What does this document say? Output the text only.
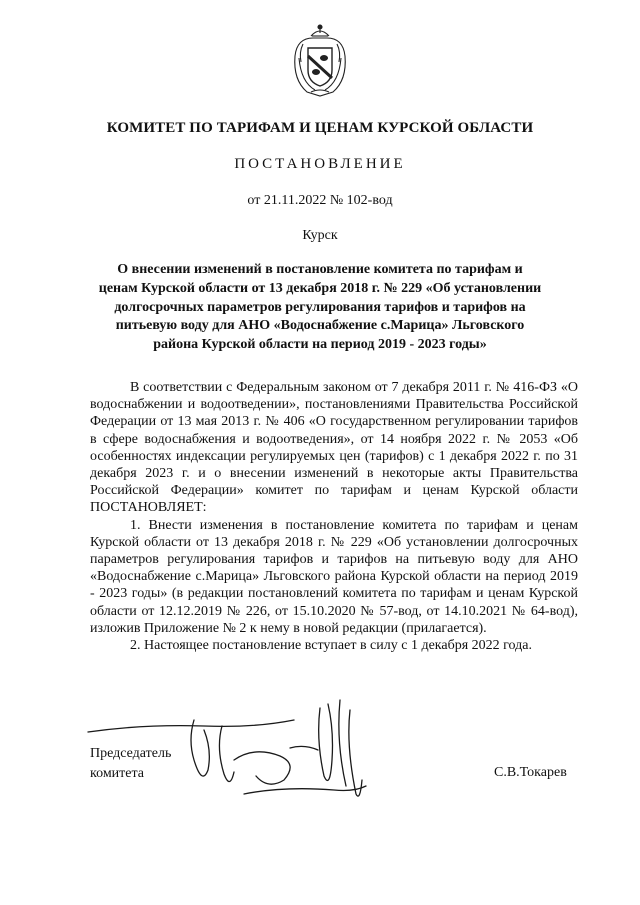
КОМИТЕТ ПО ТАРИФАМ И ЦЕНАМ КУРСКОЙ ОБЛАСТИ
ПОСТАНОВЛЕНИЕ
от 21.11.2022 № 102-вод
Курск
О внесении изменений в постановление комитета по тарифам и ценам Курской области от 13 декабря 2018 г. № 229 «Об установлении долгосрочных параметров регулирования тарифов и тарифов на питьевую воду для АНО «Водоснабжение с.Марица» Льговского района Курской области на период 2019 - 2023 годы»

В соответствии с Федеральным законом от 7 декабря 2011 г. № 416-ФЗ «О водоснабжении и водоотведении», постановлениями Правительства Российской Федерации от 13 мая 2013 г. № 406 «О государственном регулировании тарифов в сфере водоснабжения и водоотведения», от 14 ноября 2022 г. № 2053 «Об особенностях индексации регулируемых цен (тарифов) с 1 декабря 2022 г. по 31 декабря 2023 г. и о внесении изменений в некоторые акты Правительства Российской Федерации» комитет по тарифам и ценам Курской области ПОСТАНОВЛЯЕТ:

1. Внести изменения в постановление комитета по тарифам и ценам Курской области от 13 декабря 2018 г. № 229 «Об установлении долгосрочных параметров регулирования тарифов и тарифов на питьевую воду для АНО «Водоснабжение с.Марица» Льговского района Курской области на период 2019 - 2023 годы» (в редакции постановлений комитета по тарифам и ценам Курской области от 12.12.2019 № 226, от 15.10.2020 № 57-вод, от 14.10.2021 № 64-вод), изложив Приложение № 2 к нему в новой редакции (прилагается).

2. Настоящее постановление вступает в силу с 1 декабря 2022 года.

Председатель
комитета	С.В.Токарев
